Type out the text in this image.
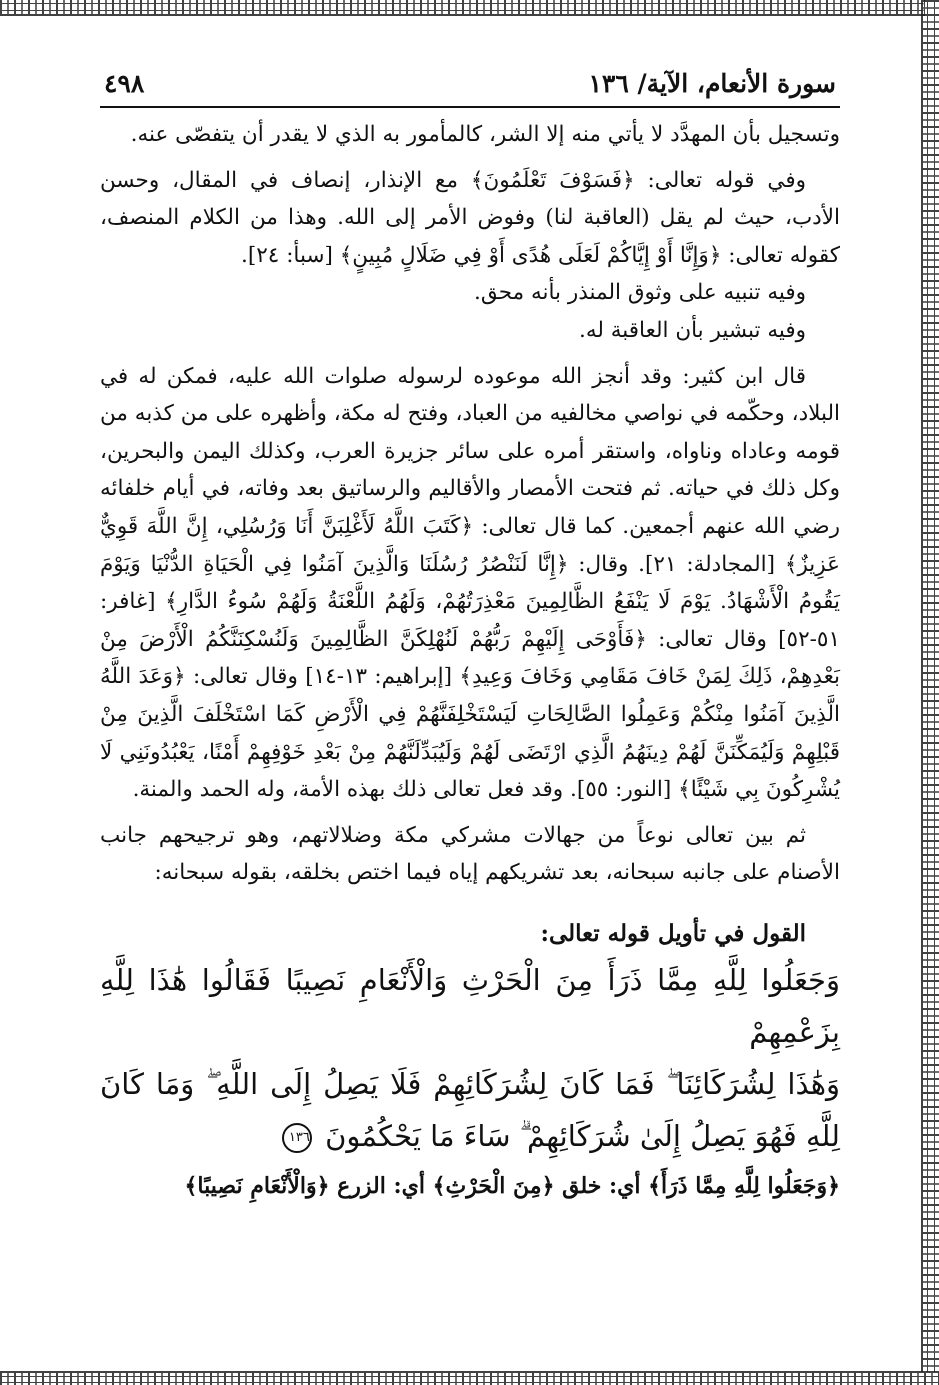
سورة الأنعام، الآية/ ١٣٦
٤٩٨

وتسجيل بأن المهدَّد لا يأتي منه إلا الشر، كالمأمور به الذي لا يقدر أن يتفصّى عنه.

وفي قوله تعالى: ﴿فَسَوْفَ تَعْلَمُونَ﴾ مع الإنذار، إنصاف في المقال، وحسن الأدب، حيث لم يقل (العاقبة لنا) وفوض الأمر إلى الله. وهذا من الكلام المنصف، كقوله تعالى: ﴿وَإِنَّا أَوْ إِيَّاكُمْ لَعَلَى هُدًى أَوْ فِي ضَلَالٍ مُبِينٍ﴾ [سبأ: ٢٤].

وفيه تنبيه على وثوق المنذر بأنه محق.

وفيه تبشير بأن العاقبة له.

قال ابن كثير: وقد أنجز الله موعوده لرسوله صلوات الله عليه، فمكن له في البلاد، وحكّمه في نواصي مخالفيه من العباد، وفتح له مكة، وأظهره على من كذبه من قومه وعاداه وناواه، واستقر أمره على سائر جزيرة العرب، وكذلك اليمن والبحرين، وكل ذلك في حياته. ثم فتحت الأمصار والأقاليم والرساتيق بعد وفاته، في أيام خلفائه رضي الله عنهم أجمعين. كما قال تعالى: ﴿كَتَبَ اللَّهُ لَأَغْلِبَنَّ أَنَا وَرُسُلِي، إِنَّ اللَّهَ قَوِيٌّ عَزِيزٌ﴾ [المجادلة: ٢١]. وقال: ﴿إِنَّا لَنَنْصُرُ رُسُلَنَا وَالَّذِينَ آمَنُوا فِي الْحَيَاةِ الدُّنْيَا وَيَوْمَ يَقُومُ الْأَشْهَادُ. يَوْمَ لَا يَنْفَعُ الظَّالِمِينَ مَعْذِرَتُهُمْ، وَلَهُمُ اللَّعْنَةُ وَلَهُمْ سُوءُ الدَّارِ﴾ [غافر: ٥١-٥٢] وقال تعالى: ﴿فَأَوْحَى إِلَيْهِمْ رَبُّهُمْ لَنُهْلِكَنَّ الظَّالِمِينَ وَلَنُسْكِنَنَّكُمُ الْأَرْضَ مِنْ بَعْدِهِمْ، ذَلِكَ لِمَنْ خَافَ مَقَامِي وَخَافَ وَعِيدِ﴾ [إبراهيم: ١٣-١٤] وقال تعالى: ﴿وَعَدَ اللَّهُ الَّذِينَ آمَنُوا مِنْكُمْ وَعَمِلُوا الصَّالِحَاتِ لَيَسْتَخْلِفَنَّهُمْ فِي الْأَرْضِ كَمَا اسْتَخْلَفَ الَّذِينَ مِنْ قَبْلِهِمْ وَلَيُمَكِّنَنَّ لَهُمْ دِينَهُمُ الَّذِي ارْتَضَى لَهُمْ وَلَيُبَدِّلَنَّهُمْ مِنْ بَعْدِ خَوْفِهِمْ أَمْنًا، يَعْبُدُونَنِي لَا يُشْرِكُونَ بِي شَيْئًا﴾ [النور: ٥٥]. وقد فعل تعالى ذلك بهذه الأمة، وله الحمد والمنة.

ثم بين تعالى نوعاً من جهالات مشركي مكة وضلالاتهم، وهو ترجيحهم جانب الأصنام على جانبه سبحانه، بعد تشريكهم إياه فيما اختص بخلقه، بقوله سبحانه:

القول في تأويل قوله تعالى:

وَجَعَلُوا لِلَّهِ مِمَّا ذَرَأَ مِنَ الْحَرْثِ وَالْأَنْعَامِ نَصِيبًا فَقَالُوا هَٰذَا لِلَّهِ بِزَعْمِهِمْ

وَهَٰذَا لِشُرَكَائِنَا ۖ فَمَا كَانَ لِشُرَكَائِهِمْ فَلَا يَصِلُ إِلَى اللَّهِ ۖ وَمَا كَانَ

لِلَّهِ فَهُوَ يَصِلُ إِلَىٰ شُرَكَائِهِمْ ۗ سَاءَ مَا يَحْكُمُونَ ١٣٦

﴿وَجَعَلُوا لِلَّهِ مِمَّا ذَرَأَ﴾ أي: خلق ﴿مِنَ الْحَرْثِ﴾ أي: الزرع ﴿وَالْأَنْعَامِ نَصِيبًا﴾
